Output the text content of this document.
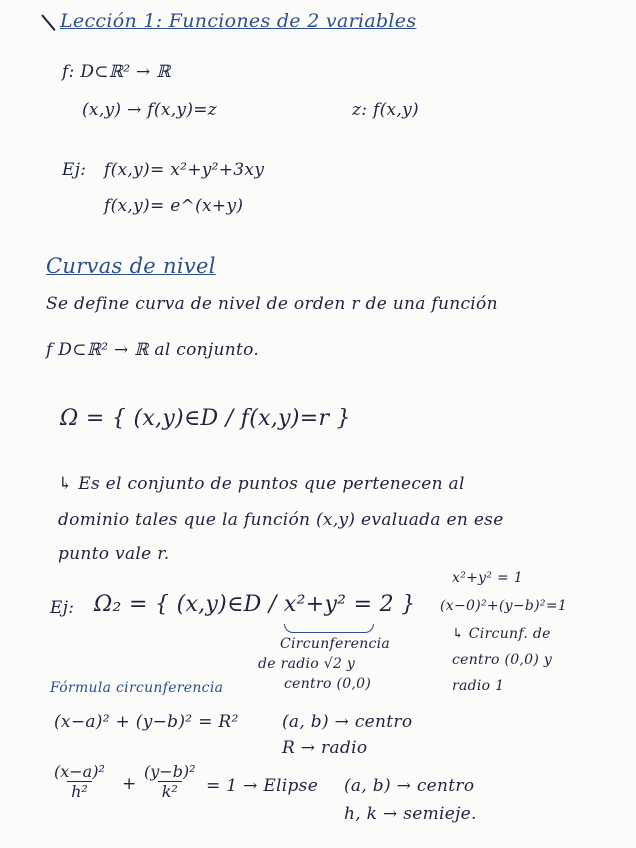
Lección 1: Funciones de 2 variables
f: D⊂ℝ² → ℝ
(x,y) → f(x,y)=z	z: f(x,y)
Ej: f(x,y)= x²+y²+3xy
f(x,y)= e^(x+y)
Curvas de nivel
Se define curva de nivel de orden r de una función
f D⊂ℝ² → ℝ al conjunto.
Ω = { (x,y)∈D / f(x,y)=r }
↳ Es el conjunto de puntos que pertenecen al
dominio tales que la función (x,y) evaluada en ese
punto vale r.
Ej: Ω₂ = { (x,y)∈D / x²+y² = 2 }
Circunferencia
de radio √2 y
centro (0,0)
x²+y² = 1
(x−0)²+(y−b)²=1
↳ Circunf. de
centro (0,0) y
radio 1
Fórmula circunferencia
(x−a)² + (y−b)² = R²	(a, b) → centro
R → radio
$\frac{\text{(x−a)²}}{\text{h²}} + \frac{\text{(y−b)²}}{\text{k²}} = 1$ → Elipse (a, b) → centro
h, k → semieje.
